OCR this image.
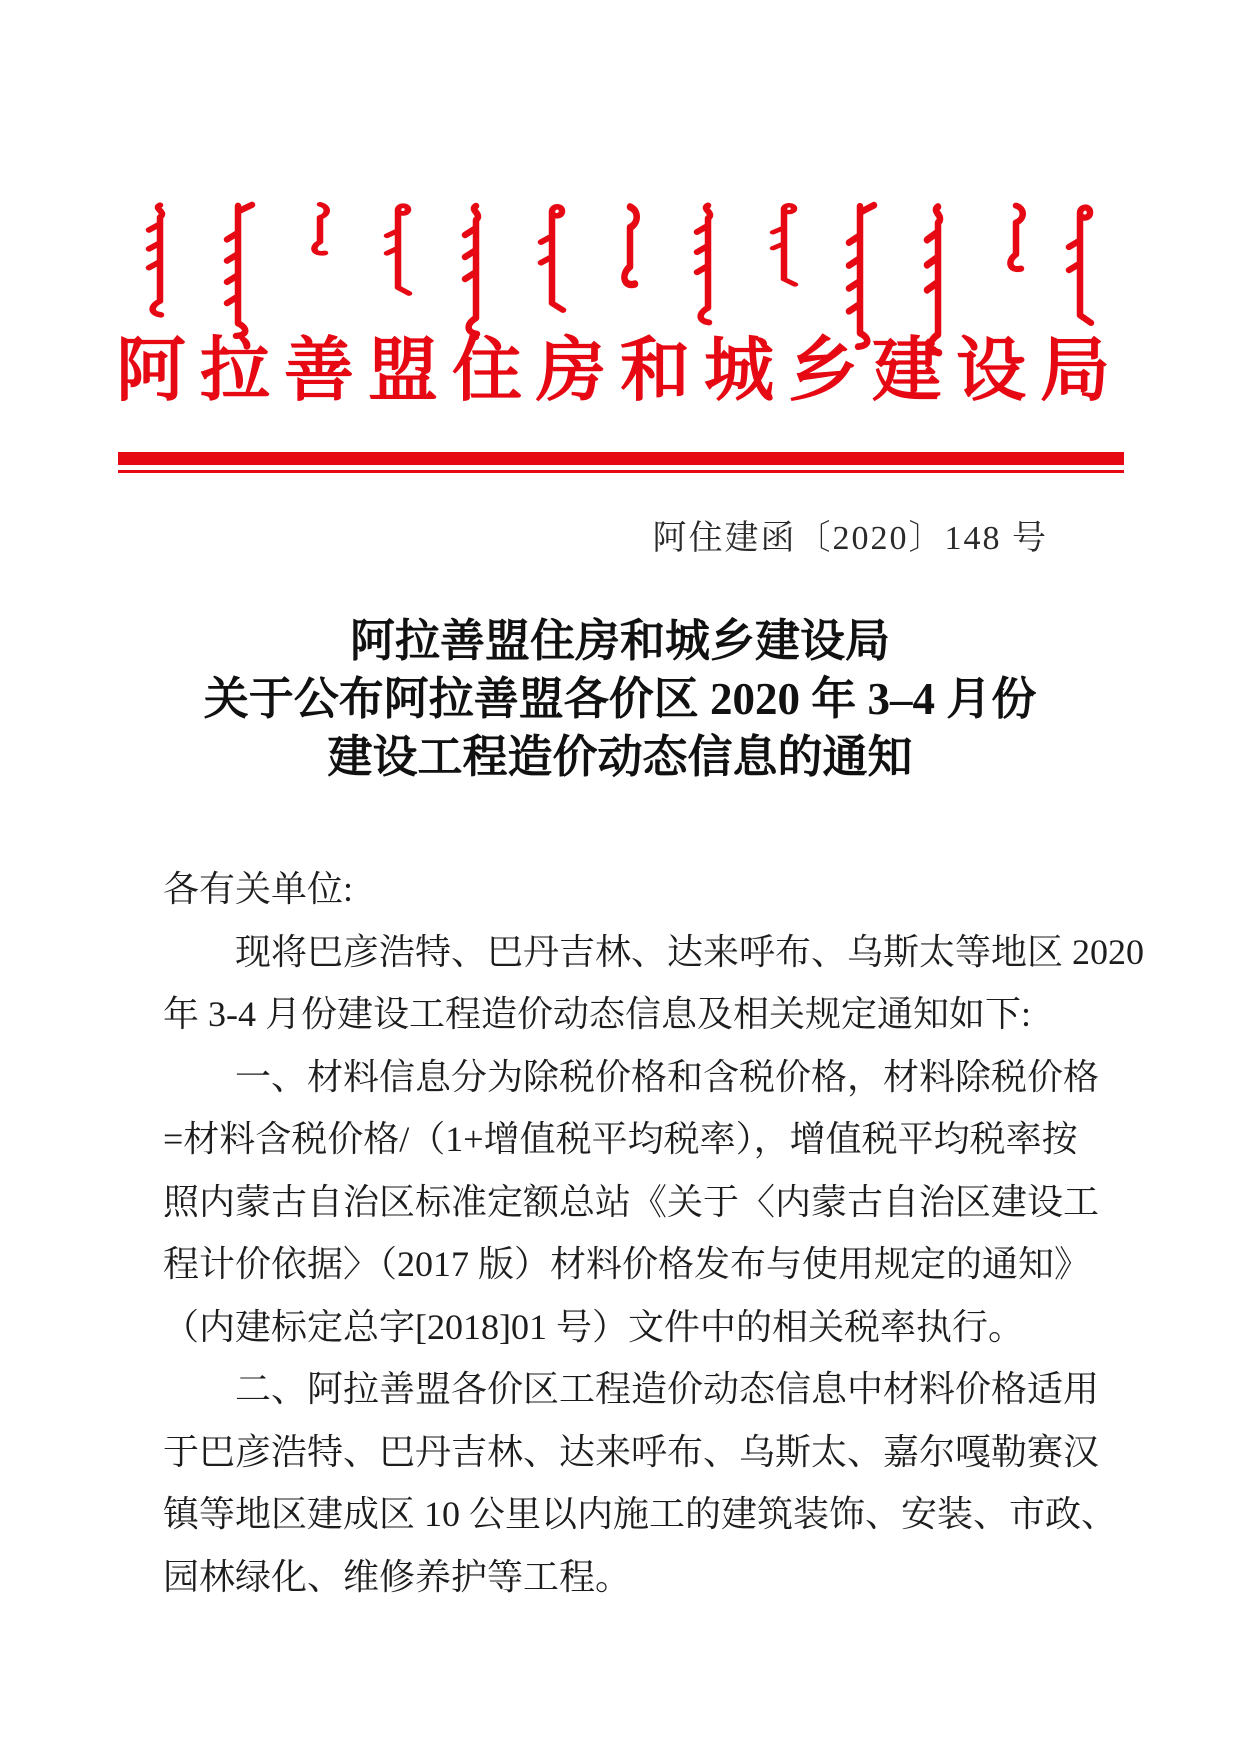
阿拉善盟住房和城乡建设局
阿住建函〔2020〕148 号
阿拉善盟住房和城乡建设局
关于公布阿拉善盟各价区 2020 年 3–4 月份
建设工程造价动态信息的通知
各有关单位:
现将巴彦浩特、巴丹吉林、达来呼布、乌斯太等地区 2020
年 3-4 月份建设工程造价动态信息及相关规定通知如下:
一、材料信息分为除税价格和含税价格，材料除税价格
=材料含税价格/（1+增值税平均税率），增值税平均税率按
照内蒙古自治区标准定额总站《关于〈内蒙古自治区建设工
程计价依据〉（2017 版）材料价格发布与使用规定的通知》
（内建标定总字[2018]01 号）文件中的相关税率执行。
二、阿拉善盟各价区工程造价动态信息中材料价格适用
于巴彦浩特、巴丹吉林、达来呼布、乌斯太、嘉尔嘎勒赛汉
镇等地区建成区 10 公里以内施工的建筑装饰、安装、市政、
园林绿化、维修养护等工程。
